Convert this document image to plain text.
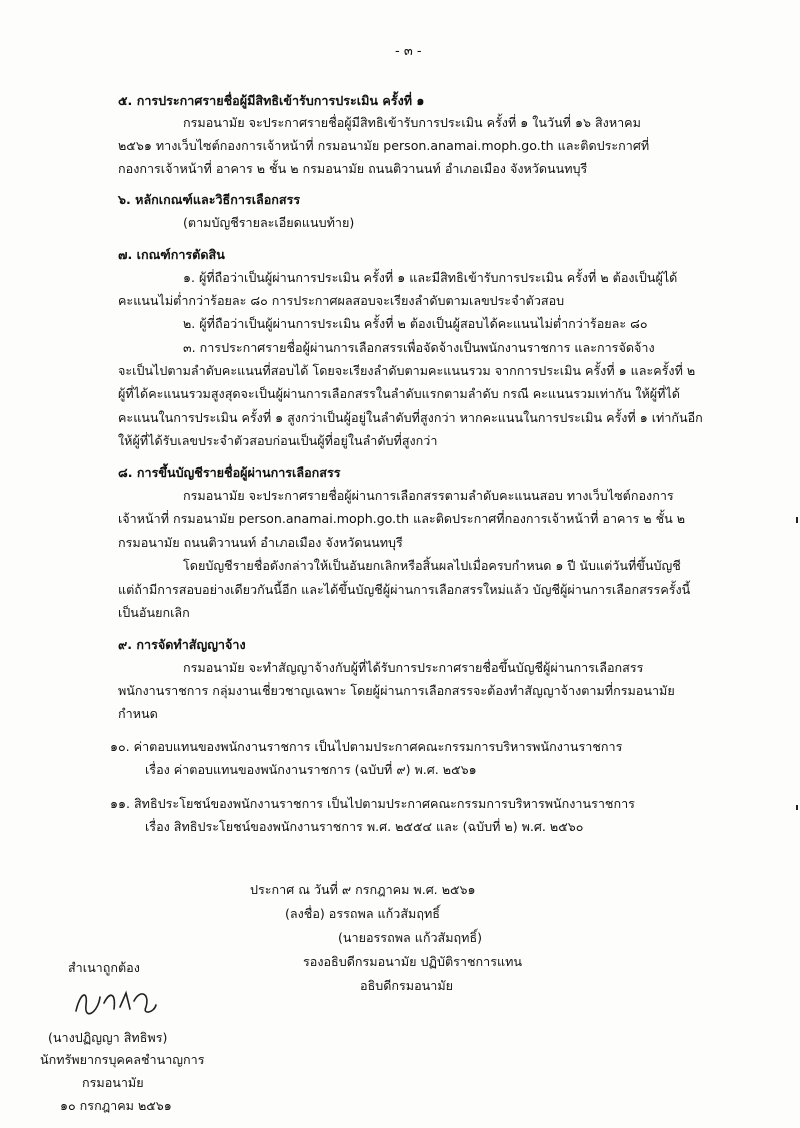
- ๓ -
๕. การประกาศรายชื่อผู้มีสิทธิเข้ารับการประเมิน ครั้งที่ ๑
กรมอนามัย จะประกาศรายชื่อผู้มีสิทธิเข้ารับการประเมิน ครั้งที่ ๑ ในวันที่ ๑๖ สิงหาคม
๒๕๖๑ ทางเว็บไซต์กองการเจ้าหน้าที่ กรมอนามัย person.anamai.moph.go.th และติดประกาศที่
กองการเจ้าหน้าที่ อาคาร ๒ ชั้น ๒ กรมอนามัย ถนนติวานนท์ อำเภอเมือง จังหวัดนนทบุรี
๖. หลักเกณฑ์และวิธีการเลือกสรร
(ตามบัญชีรายละเอียดแนบท้าย)
๗. เกณฑ์การตัดสิน
๑. ผู้ที่ถือว่าเป็นผู้ผ่านการประเมิน ครั้งที่ ๑ และมีสิทธิเข้ารับการประเมิน ครั้งที่ ๒ ต้องเป็นผู้ได้
คะแนนไม่ต่ำกว่าร้อยละ ๘๐ การประกาศผลสอบจะเรียงลำดับตามเลขประจำตัวสอบ
๒. ผู้ที่ถือว่าเป็นผู้ผ่านการประเมิน ครั้งที่ ๒ ต้องเป็นผู้สอบได้คะแนนไม่ต่ำกว่าร้อยละ ๘๐
๓. การประกาศรายชื่อผู้ผ่านการเลือกสรรเพื่อจัดจ้างเป็นพนักงานราชการ และการจัดจ้าง
จะเป็นไปตามลำดับคะแนนที่สอบได้ โดยจะเรียงลำดับตามคะแนนรวม จากการประเมิน ครั้งที่ ๑ และครั้งที่ ๒
ผู้ที่ได้คะแนนรวมสูงสุดจะเป็นผู้ผ่านการเลือกสรรในลำดับแรกตามลำดับ กรณี คะแนนรวมเท่ากัน ให้ผู้ที่ได้
คะแนนในการประเมิน ครั้งที่ ๑ สูงกว่าเป็นผู้อยู่ในลำดับที่สูงกว่า หากคะแนนในการประเมิน ครั้งที่ ๑ เท่ากันอีก
ให้ผู้ที่ได้รับเลขประจำตัวสอบก่อนเป็นผู้ที่อยู่ในลำดับที่สูงกว่า
๘. การขึ้นบัญชีรายชื่อผู้ผ่านการเลือกสรร
กรมอนามัย จะประกาศรายชื่อผู้ผ่านการเลือกสรรตามลำดับคะแนนสอบ ทางเว็บไซต์กองการ
เจ้าหน้าที่ กรมอนามัย person.anamai.moph.go.th และติดประกาศที่กองการเจ้าหน้าที่ อาคาร ๒ ชั้น ๒
กรมอนามัย ถนนติวานนท์ อำเภอเมือง จังหวัดนนทบุรี
โดยบัญชีรายชื่อดังกล่าวให้เป็นอันยกเลิกหรือสิ้นผลไปเมื่อครบกำหนด ๑ ปี นับแต่วันที่ขึ้นบัญชี
แต่ถ้ามีการสอบอย่างเดียวกันนี้อีก และได้ขึ้นบัญชีผู้ผ่านการเลือกสรรใหม่แล้ว บัญชีผู้ผ่านการเลือกสรรครั้งนี้
เป็นอันยกเลิก
๙. การจัดทำสัญญาจ้าง
กรมอนามัย จะทำสัญญาจ้างกับผู้ที่ได้รับการประกาศรายชื่อขึ้นบัญชีผู้ผ่านการเลือกสรร
พนักงานราชการ กลุ่มงานเชี่ยวชาญเฉพาะ โดยผู้ผ่านการเลือกสรรจะต้องทำสัญญาจ้างตามที่กรมอนามัย
กำหนด
๑๐. ค่าตอบแทนของพนักงานราชการ เป็นไปตามประกาศคณะกรรมการบริหารพนักงานราชการ
เรื่อง ค่าตอบแทนของพนักงานราชการ (ฉบับที่ ๙) พ.ศ. ๒๕๖๑
๑๑. สิทธิประโยชน์ของพนักงานราชการ เป็นไปตามประกาศคณะกรรมการบริหารพนักงานราชการ
เรื่อง สิทธิประโยชน์ของพนักงานราชการ พ.ศ. ๒๕๕๔ และ (ฉบับที่ ๒) พ.ศ. ๒๕๖๐
ประกาศ ณ วันที่ ๙ กรกฎาคม พ.ศ. ๒๕๖๑
(ลงชื่อ) อรรถพล แก้วสัมฤทธิ์
(นายอรรถพล แก้วสัมฤทธิ์)
รองอธิบดีกรมอนามัย ปฏิบัติราชการแทน
อธิบดีกรมอนามัย
สำเนาถูกต้อง
(นางปฏิญญา สิทธิพร)
นักทรัพยากรบุคคลชำนาญการ
กรมอนามัย
๑๐ กรกฎาคม ๒๕๖๑
